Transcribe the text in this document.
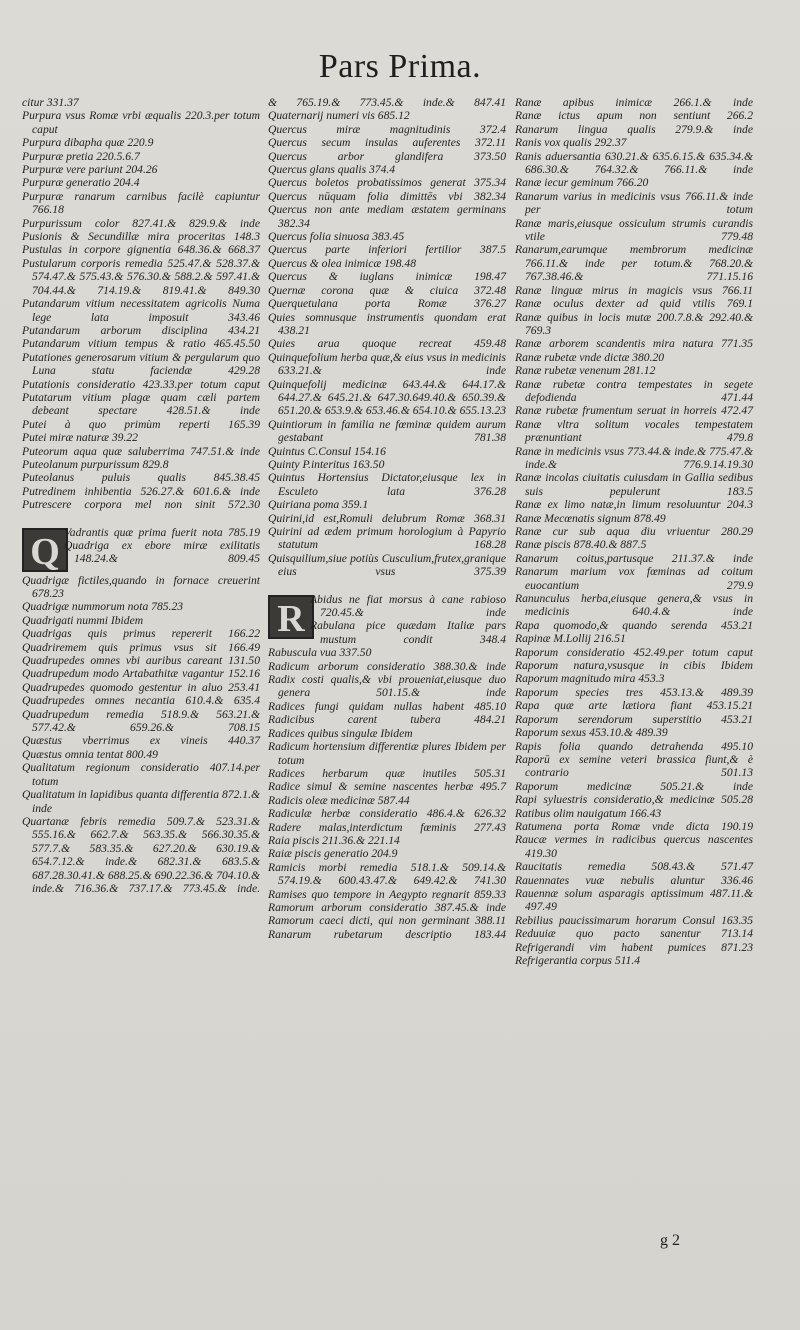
Pars Prima.

citur 331.37

Purpura vsus Romæ vrbi æqualis 220.3.per totum caput

Purpura dibapha quæ 220.9

Purpuræ pretia 220.5.6.7

Purpuræ vere pariunt 204.26

Purpuræ generatio 204.4

Purpuræ ranarum carnibus facilè capiuntur 766.18

Purpurissum color 827.41.& 829.9.& inde

Pusionis & Secundillæ mira proceritas 148.3

Pustulas in corpore gignentia 648.36.& 668.37

Pustularum corporis remedia 525.47.& 528.37.& 574.47.& 575.43.& 576.30.& 588.2.& 597.41.& 704.44.& 714.19.& 819.41.& 849.30

Putandarum vitium necessitatem agricolis Numa lege lata imposuit 343.46

Putandarum arborum disciplina 434.21

Putandarum vitium tempus & ratio 465.45.50

Putationes generosarum vitium & pergularum quo Luna statu faciendæ 429.28

Putationis consideratio 423.33.per totum caput

Putatarum vitium plagæ quam cæli partem debeant spectare 428.51.& inde

Putei à quo primùm reperti 165.39

Putei miræ naturæ 39.22

Puteorum aqua quæ saluberrima 747.51.& inde

Puteolanum purpurissum 829.8

Puteolanus puluis qualis 845.38.45

Putredinem inhibentia 526.27.& 601.6.& inde

Putrescere corpora mel non sinit 572.30

Q Vadrantis quæ prima fuerit nota 785.19

Quadriga ex ebore miræ exilitatis 148.24.& 809.45

Quadrigæ fictiles,quando in fornace creuerint 678.23

Quadrigæ nummorum nota 785.23

Quadrigati nummi Ibidem

Quadrigas quis primus repererit 166.22

Quadriremem quis primus vsus sit 166.49

Quadrupedes omnes vbi auribus careant 131.50

Quadrupedum modo Artabathitæ vagantur 152.16

Quadrupedes quomodo gestentur in aluo 253.41

Quadrupedes omnes necantia 610.4.& 635.4

Quadrupedum remedia 518.9.& 563.21.& 577.42.& 659.26.& 708.15

Quæstus vberrimus ex vineis 440.37

Quæstus omnia tentat 800.49

Qualitatum regionum consideratio 407.14.per totum

Qualitatum in lapidibus quanta differentia 872.1.& inde

Quartanæ febris remedia 509.7.& 523.31.& 555.16.& 662.7.& 563.35.& 566.30.35.& 577.7.& 583.35.& 627.20.& 630.19.& 654.7.12.& inde.& 682.31.& 683.5.& 687.28.30.41.& 688.25.& 690.22.36.& 704.10.& inde.& 716.36.& 737.17.& 773.45.& inde.

& 765.19.& 773.45.& inde.& 847.41

Quaternarij numeri vis 685.12

Quercus miræ magnitudinis 372.4

Quercus secum insulas auferentes 372.11

Quercus arbor glandifera 373.50

Quercus glans qualis 374.4

Quercus boletos probatissimos generat 375.34

Quercus nūquam folia dimittēs vbi 382.34

Quercus non ante mediam æstatem germinans 382.34

Quercus folia sinuosa 383.45

Quercus parte inferiori fertilior 387.5

Quercus & olea inimicæ 198.48

Quercus & iuglans inimicæ 198.47

Quernæ corona quæ & ciuica 372.48

Querquetulana porta Romæ 376.27

Quies somnusque instrumentis quondam erat 438.21

Quies arua quoque recreat 459.48

Quinquefolium herba quæ,& eius vsus in medicinis 633.21.& inde

Quinquefolij medicinæ 643.44.& 644.17.& 644.27.& 645.21.& 647.30.649.40.& 650.39.& 651.20.& 653.9.& 653.46.& 654.10.& 655.13.23

Quintiorum in familia ne fœminæ quidem aurum gestabant 781.38

Quintus C.Consul 154.16

Quinty P.interitus 163.50

Quintus Hortensius Dictator,eiusque lex in Esculeto lata 376.28

Quiriana poma 359.1

Quirini,id est,Romuli delubrum Romæ 368.31

Quirini ad ædem primum horologium à Papyrio statutum 168.28

Quisquilium,siue potiùs Cusculium,frutex,granique eius vsus 375.39

R Abidus ne fiat morsus à cane rabioso 720.45.& inde

Rabulana pice quædam Italiæ pars mustum condit 348.4

Rabuscula vua 337.50

Radicum arborum consideratio 388.30.& inde

Radix costi qualis,& vbi proueniat,eiusque duo genera 501.15.& inde

Radices fungi quidam nullas habent 485.10

Radicibus carent tubera 484.21

Radices quibus singulæ Ibidem

Radicum hortensium differentiæ plures Ibidem per totum

Radices herbarum quæ inutiles 505.31

Radice simul & semine nascentes herbæ 495.7

Radicis oleæ medicinæ 587.44

Radiculæ herbæ consideratio 486.4.& 626.32

Radere malas,interdictum fœminis 277.43

Raia piscis 211.36.& 221.14

Raiæ piscis generatio 204.9

Ramicis morbi remedia 518.1.& 509.14.& 574.19.& 600.43.47.& 649.42.& 741.30

Ramises quo tempore in Aegypto regnarit 859.33

Ramorum arborum consideratio 387.45.& inde

Ramorum caeci dicti, qui non germinant 388.11

Ranarum rubetarum descriptio 183.44

Ranæ apibus inimicæ 266.1.& inde

Ranæ ictus apum non sentiunt 266.2

Ranarum lingua qualis 279.9.& inde

Ranis vox qualis 292.37

Ranis aduersantia 630.21.& 635.6.15.& 635.34.& 686.30.& 764.32.& 766.11.& inde

Ranæ iecur geminum 766.20

Ranarum varius in medicinis vsus 766.11.& inde per totum

Ranæ maris,eiusque ossiculum strumis curandis vtile 779.48

Ranarum,earumque membrorum medicinæ 766.11.& inde per totum.& 768.20.& 767.38.46.& 771.15.16

Ranæ linguæ mirus in magicis vsus 766.11

Ranæ oculus dexter ad quid vtilis 769.1

Ranæ quibus in locis mutæ 200.7.8.& 292.40.& 769.3

Ranæ arborem scandentis mira natura 771.35

Ranæ rubetæ vnde dictæ 380.20

Ranæ rubetæ venenum 281.12

Ranæ rubetæ contra tempestates in segete defodienda 471.44

Ranæ rubetæ frumentum seruat in horreis 472.47

Ranæ vltra solitum vocales tempestatem prænuntiant 479.8

Ranæ in medicinis vsus 773.44.& inde.& 775.47.& inde.& 776.9.14.19.30

Ranæ incolas ciuitatis cuiusdam in Gallia sedibus suis pepulerunt 183.5

Ranæ ex limo natæ,in limum resoluuntur 204.3

Ranæ Mecœnatis signum 878.49

Ranæ cur sub aqua diu vriuentur 280.29

Ranæ piscis 878.40.& 887.5

Ranarum coitus,partusque 211.37.& inde

Ranarum marium vox fœminas ad coitum euocantium 279.9

Ranunculus herba,eiusque genera,& vsus in medicinis 640.4.& inde

Rapa quomodo,& quando serenda 453.21

Rapinæ M.Lollij 216.51

Raporum consideratio 452.49.per totum caput

Raporum natura,vsusque in cibis Ibidem

Raporum magnitudo mira 453.3

Raporum species tres 453.13.& 489.39

Rapa quæ arte lætiora fiant 453.15.21

Raporum serendorum superstitio 453.21

Raporum sexus 453.10.& 489.39

Rapis folia quando detrahenda 495.10

Raporū ex semine veteri brassica fiunt,& è contrario 501.13

Raporum medicinæ 505.21.& inde

Rapi syluestris consideratio,& medicinæ 505.28

Ratibus olim nauigatum 166.43

Ratumena porta Romæ vnde dicta 190.19

Raucæ vermes in radicibus quercus nascentes 419.30

Raucitatis remedia 508.43.& 571.47

Rauennates vuæ nebulis aluntur 336.46

Rauennæ solum asparagis aptissimum 487.11.& 497.49

Rebilius paucissimarum horarum Consul 163.35

Reduuiæ quo pacto sanentur 713.14

Refrigerandi vim habent pumices 871.23

Refrigerantia corpus 511.4

g 2
